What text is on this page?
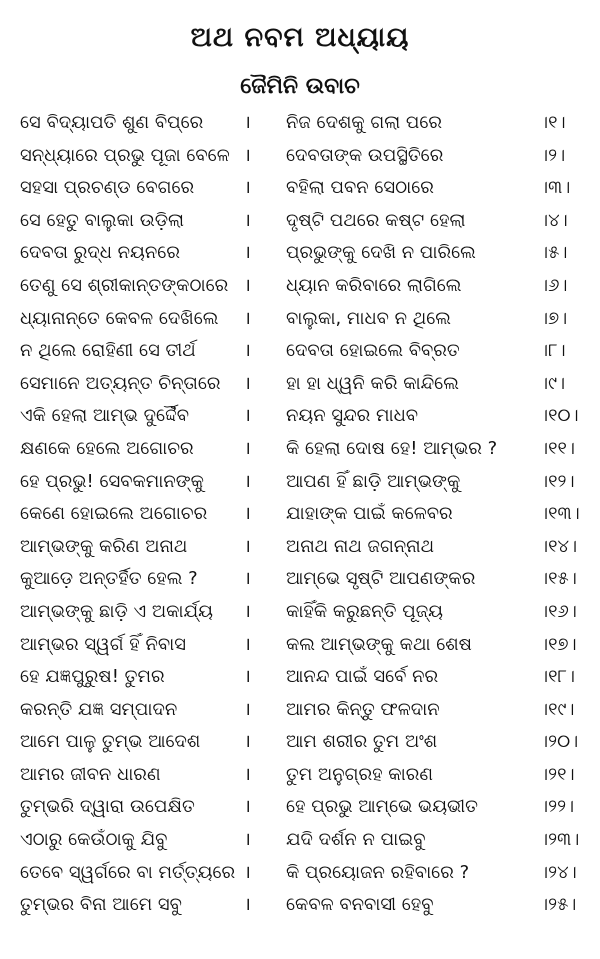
ଅଥ ନବମ ଅଧ୍ୟାୟ
ଜୈମିନି ଉବାଚ
ସେ ବିଦ୍ୟାପତି ଶୁଣ ବିପ୍ରେ । ନିଜ ଦେଶକୁ ଗଲା ପରେ	।୧।
ସନ୍ଧ୍ୟାରେ ପ୍ରଭୁ ପୂଜା ବେଳେ । ଦେବତାଙ୍କ ଉପସ୍ଥିତିରେ	।୨।
ସହସା ପ୍ରଚଣ୍ଡ ବେଗରେ	। ବହିଲା ପବନ ସେଠାରେ	।୩।
ସେ ହେତୁ ବାଲୁକା ଉଡ଼ିଲା	। ଦୃଷ୍ଟି ପଥରେ କଷ୍ଟ ହେଲା	।୪।
ଦେବତା ରୁଦ୍ଧ ନୟନରେ	। ପ୍ରଭୁଙ୍କୁ ଦେଖି ନ ପାରିଲେ	।୫।
ତେଣୁ ସେ ଶ୍ରୀକାନ୍ତଙ୍କଠାରେ । ଧ୍ୟାନ କରିବାରେ ଲାଗିଲେ	।୬।
ଧ୍ୟାନାନ୍ତେ କେବଳ ଦେଖିଲେ । ବାଲୁକା, ମାଧବ ନ ଥିଲେ	।୭।
ନ ଥିଲେ ରୋହିଣୀ ସେ ତୀର୍ଥ	। ଦେବତା ହୋଇଲେ ବିବ୍ରତ	।୮।
ସେମାନେ ଅତ୍ୟନ୍ତ ଚିନ୍ତାରେ । ହା ହା ଧ୍ୱନି କରି କାନ୍ଦିଲେ	।୯।
ଏକି ହେଲା ଆମ୍ଭ ଦୁର୍ଦ୍ଦୈବ	। ନୟନ ସୁନ୍ଦର ମାଧବ	।୧୦।
କ୍ଷଣକେ ହେଲେ ଅଗୋଚର	। କି ହେଲା ଦୋଷ ହେ! ଆମ୍ଭର ? ।୧୧।
ହେ ପ୍ରଭୁ! ସେବକମାନଙ୍କୁ । ଆପଣ ହିଁ ଛାଡ଼ି ଆମ୍ଭଙ୍କୁ	।୧୨।
କେଣେ ହୋଇଲେ ଅଗୋଚର । ଯାହାଙ୍କ ପାଇଁ କଳେବର	।୧୩।
ଆମ୍ଭଙ୍କୁ କରିଣ ଅନାଥ	। ଅନାଥ ନାଥ ଜଗନ୍ନାଥ	।୧୪।
କୁଆଡ଼େ ଅନ୍ତର୍ହିତ ହେଲ ?	। ଆମ୍ଭେ ସୃଷ୍ଟି ଆପଣଙ୍କର	।୧୫।
ଆମ୍ଭଙ୍କୁ ଛାଡ଼ି ଏ ଅକାର୍ଯ୍ୟ । କାହିଁକି କରୁଛନ୍ତି ପୂଜ୍ୟ	।୧୬।
ଆମ୍ଭର ସ୍ୱର୍ଗ ହିଁ ନିବାସ	। କଲ ଆମ୍ଭଙ୍କୁ କଥା ଶେଷ	।୧୭।
ହେ ଯଜ୍ଞପୁରୁଷ! ତୁମର	। ଆନନ୍ଦ ପାଇଁ ସର୍ବେ ନର	।୧୮।
କରନ୍ତି ଯଜ୍ଞ ସମ୍ପାଦନ	। ଆମର କିନ୍ତୁ ଫଳଦାନ	।୧୯।
ଆମେ ପାଳୁ ତୁମ୍ଭ ଆଦେଶ । ଆମ ଶରୀର ତୁମ ଅଂଶ	।୨୦।
ଆମର ଜୀବନ ଧାରଣ	। ତୁମ ଅନୁଗ୍ରହ କାରଣ	।୨୧।
ତୁମ୍ଭରି ଦ୍ୱାରା ଉପେକ୍ଷିତ	। ହେ ପ୍ରଭୁ ଆମ୍ଭେ ଭୟଭୀତ	।୨୨।
ଏଠାରୁ କେଉଁଠାକୁ ଯିବୁ	। ଯଦି ଦର୍ଶନ ନ ପାଇବୁ	।୨୩।
ତେବେ ସ୍ୱର୍ଗରେ ବା ମର୍ତ୍ତ୍ୟରେ । କି ପ୍ରୟୋଜନ ରହିବାରେ ?	।୨୪।
ତୁମ୍ଭର ବିନା ଆମେ ସବୁ	। କେବଳ ବନବାସୀ ହେବୁ	।୨୫।
